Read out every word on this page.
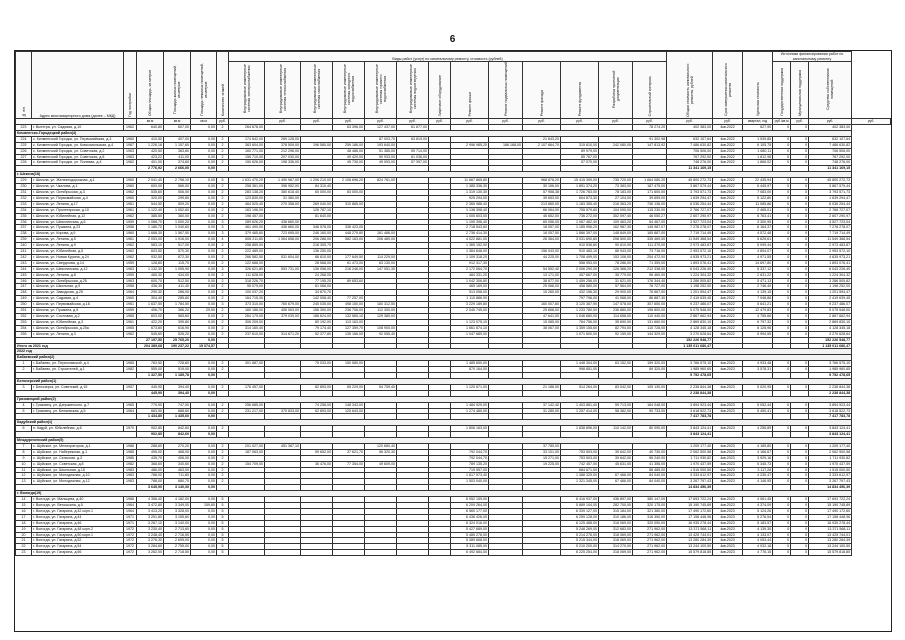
6
№ п/п	Адрес многоквартирного дома (далее – МКД)	Год постройки	Общая площадь, кв.метров	Площадь жилых помещений, кв.метров	Площадь нежилых помещений, кв.метров	Количество этажей	Виды работ (услуг) по капитальному ремонту, стоимость (рублей)													Общая стоимость капитального ремонта, рублей	Срок завершения капитального ремонта	Удельная стоимость	Источники финансирования работ по капитальному ремонту			
							Внутридомовые инженерные системы электроснабжения	Внутридомовые инженерные системы теплоснабжения	Внутридомовые инженерные системы газоснабжения	Внутридомовые инженерные системы холодного водоснабжения	Внутридомовые инженерные системы горячего водоснабжения	Внутридомовые инженерные системы водоотведения	Лифтовое оборудование	Ремонт крыши	Ремонт подвальных помещений	Ремонт фасада	Ремонт фундамента	Разработка проектной документации	Строительный контроль				Государственная поддержка	Муниципальная поддержка	Средства собственников помещений	
			кв.м	кв.м	кв.м	руб.		руб.	руб.	руб.	руб.	руб.	руб.	руб.	руб.	руб.	руб.	руб.	руб.	руб.	руб.	квартал, год	руб./кв.м	руб.	руб.	руб.
223	г. Вытегра, ул. Садовая, д.10	1962	640,80	607,00	0,00	2	264 678,00			63 396,00	127 437,00	61 677,00							78 274,20	402 383,00	4кв.2022	627,90	0	0	402 383,00	
Кичменгско-Городецкий район(4)																										
224	с. Кичменгский Городок, ул. Первомайская, д.3	1960	410,50	407,00	0,00	2	174 842,00	269 128,00			87 003,70	63 819,00				21 643,20			91 302,98	632 107,64	4кв.2022	1 539,85	0	0	632 107,64	
225	с. Кичменгский Городок, ул. Комсомольская, д.4	1967	1 226,16	1 157,60	0,00	2	363 604,00	378 509,00	196 580,00	259 186,00	193 640,00			2 996 985,20	186 168,00	2 107 864,70	315 810,00	242 080,00	147 813,92	7 486 630,82	4кв.2022	6 105,75	0	0	7 486 630,82	
226	с. Кичменгский Городок, ул. Советская, д.2	1963	420,50	383,80	0,00	2	160 771,00	212 296,00		48 486,00	51 385,00	59 714,00					89 979,00			706 506,00	4кв.2022	1 680,11	0	0	706 506,00	
227	с. Кичменгский Городок, ул. Советская, д.8	1963	423,22	411,00	0,00	2	156 710,00	207 030,00		49 429,00	50 933,00	61 036,00					85 767,00			767 292,00	4кв.2022	1 812,98	0	0	767 292,00	
228	с. Кичменгский Городок, ул. Полевая, д.4	1962	401,00	374,60	0,00	2	150 626,00	198 336,00		45 730,00	49 093,00	57 397,00					57 070,00			748 276,00	4кв.2022	1 866,02	0	0	748 276,00	
			2 776,92	2 666,00	0,00															11 341 169,15					11 341 169,15	
г. Шексна(18)																										
229	г. Шексна, ул. Железнодорожная, д.1	1960	2 041,40	2 798,10	0,00	5	1 631 470,20	1 490 967,00	1 206 210,00	2 106 696,20	824 761,00			11 667 865,80		968 878,20	15 415 399,00	735 720,00	1 664 080,20	45 800 272,73	4кв.2022	22 435,94	0	0	45 800 272,73	
230	г. Шексна, ул. Чкалова, д.1	1960	600,00	566,00	0,00	2	258 361,00	396 952,00	84 310,40					1 385 336,30		30 156,00	1 891 374,20	73 383,00	187 475,00	3 867 579,44	4кв.2022	6 445,97	0	0	3 867 579,44	
231	г. Шексна, ул. Октябрьская, д.3	1962	535,60	506,00	0,00	2	283 138,20	380 618,40	60 000,00	83 000,00				1 319 130,30		57 958,38	1 726 763,00	78 183,00	171 600,00	3 793 571,73	4кв.2022	7 083,00	0	0	3 793 571,73	
232	г. Шексна, ул. Первомайская, д.4	1960	320,00	299,80	0,00	2	123 839,00	31 360,00						925 294,00		39 653,00	604 873,30	27 104,00	39 659,00	1 639 294,47	4кв.2022	5 122,80	0	0	1 639 294,47	
233	г. Шексна, ул. Ленина, д.17	1961	544,50	509,20	0,00	2	464 525,40	270 358,00	269 040,00	310 865,00				2 365 988,40		213 660,00	1 183 355,40	216 363,20	736 136,00	6 036 254,44	4кв.2022	11 085,86	0	0	6 036 254,44	
234	г. Шексна, ул. Пролетарская, д.10	1961	1 122,40	1 052,60	0,00	2	163 196,00		126 787,10					1 138 398,40		66 064,00	755 579,60	104 090,00	115 230,00	2 766 727,07	4кв.2022	2 465,01	0	0	2 766 727,07	
235	г. Шексна, ул. Юбилейная, д.12	1962	385,50	360,00	0,00	2	198 457,00		81 640,00					1 005 603,00		46 652,00	736 272,00	302 097,40	46 050,27	2 607 290,97	4кв.2022	6 763,41	0	0	2 607 290,97	
236	г. Шексна, ул. Шекснинская, д.6	1959	1 068,70	1 000,20	0,00	3	289 626,20	436 660,00						1 190 396,40		65 056,00	1 067 462,40	109 463,20	64 467,00	3 527 723,04	4кв.2022	3 300,95	0	0	3 527 723,04	
237	г. Шексна, ул. Пушкина, д.23	1958	1 180,70	1 040,60	0,00	3	461 490,00	436 660,00	346 578,00	336 423,00				2 718 543,60		18 057,00	1 185 956,20	162 987,30	145 987,07	7 278 278,07	4кв.2022	6 164,37	0	0	7 278 278,07	
238	г. Шексна, ул. Кирова, д.9	1960	1 688,30	1 567,50	0,00	3	379 465,60	723 695,00	246 160,00	448 279,80	161 486,00			2 736 414,30		16 057,50	1 866 397,00	148 849,00	165 887,00	7 719 714,49	4кв.2022	4 572,48	0	0	7 719 714,49	
239	г. Шексна, ул. Ленина, д.5	1961	2 053,00	1 916,00	0,00	4	606 211,80	1 064 658,00	206 288,00	582 163,00	206 489,00			4 022 881,00		26 364,00	3 031 690,80	208 500,00	335 469,00	11 549 368,54	4кв.2022	5 625,61	0	0	11 549 368,54	
240	г. Шексна, ул. Ленина, д.9	1962	583,10	517,00	0,00	2	258 859,00		218 305,70					1 369 152,00			910 536,60	90 810,90	111 370,00	2 973 483,87	4кв.2022	5 099,44	0	0	2 973 483,87	
241	г. Шексна, ул. Юбилейная, д.5	1962	603,50	570,30	0,00	2	222 489,00		136 250,00					1 364 648,00		156 043,00	910 483,10	88 943,00	73 716,00	2 953 572,10	4кв.2022	4 894,07	0	0	2 953 572,10	
242	г. Шексна, ул. Новая Курина, д.24	1962	932,50	872,30	0,00	2	266 582,50	531 604,00	86 610,00	177 649,50	114 229,00			1 109 318,20		44 225,00	1 708 499,00	153 106,00	254 472,00	4 635 973,21	4кв.2022	4 971,55	0	0	4 635 973,21	
243	г. Шексна, ул. Свердлова, д.14	1959	128,80	115,70	0,00	2	122 688,00		28 568,00	61 473,00	63 130,00			912 317,30			558 953,00	78 286,00	71 359,00	1 893 076,41	4кв.2022	14 697,80	0	0	1 893 076,41	
244	г. Шексна, ул. Шекснинская, д.12	1963	1 132,30	1 055,90	0,00	3	326 621,80	553 731,00	136 058,00	218 246,00	147 051,30			2 172 064,70		54 552,40	2 006 290,00	126 368,20	212 338,00	6 043 226,40	4кв.2022	5 337,12	0	0	6 043 226,40	
245	г. Шексна, ул. Ленина, д.8	1959	465,30	434,00	0,00	2	111 628,00		24 268,00					484 331,20		13 171,00	457 667,00	35 779,00	96 460,00	1 224 304,32	4кв.2022	2 631,22	0	0	1 224 304,32	
246	г. Шексна, ул. Октябрьская, д.25	1963	600,70	512,50	0,00	2	318 226,70		77 195,20	89 653,60				1 042 306,80		38 677,00	1 459 256,00	31 621,00	176 344,40	3 286 505,82	4кв.2022	5 471,13	0	0	3 286 505,82	
247	г. Шексна, ул. Школьная, д.9	1958	436,30	411,40	0,00	2	55 079,00		61 068,00					465 169,00		25 066,00	458 580,00	57 564,00	76 727,00	1 198 252,00	4кв.2022	2 746,40	0	0	1 198 252,00	
248	г. Шексна, ул. Заводская, д.25	1964	290,30	286,00	0,00	2	100 037,20		34 670,70					513 058,00		15 260,00	432 156,30	29 900,00	76 667,00	1 201 594,47	4кв.2022	4 139,15	0	0	1 201 594,47	
249	г. Шексна, ул. Садовая, д.4	1960	304,40	285,60	0,00	2	164 715,30		142 008,40	77 257,00				1 110 886,90			797 796,00	41 068,00	86 887,30	2 419 639,45	4кв.2022	7 948,88	0	0	2 419 639,45	
250	г. Шексна, ул. Первомайская, д.18	1961	1 637,50	1 784,50	0,00	3	373 310,00	760 679,00	245 035,00	498 150,00	160 312,50			3 229 189,80		160 007,80	3 120 367,90	147 578,00	307 650,00	9 237 486,07	4кв.2022	5 641,21	0	0	9 237 486,07	
251	г. Шексна, ул. Пушкина, д.5	1959	406,70	386,20	29,50	2	160 186,00	406 063,00	156 390,00	236 706,00	112 300,00			2 040 745,00		25 668,00	1 233 780,00	236 880,00	196 800,00	5 075 548,00	4кв.2022	12 479,83	0	0	5 075 548,00	
252	г. Шексна, ул. Сосновая, д.2	1965	603,00	565,60	0,00	2	264 179,00	379 039,00	186 624,00	132 565,10	129 380,00					47 641,00	1 046 680,00	114 658,00	110 440,00	2 867 662,94	4кв.2022	4 755,66	0	0	2 867 662,94	
253	г. Шексна, ул. Юбилейная, д.3	1961	422,20	395,80	0,00	2	306 209,00		80 192,00	113 163,00				1 123 075,10		15 085,00	764 756,00	35 690,00	131 660,00	2 869 830,10	4кв.2022	6 797,32	0	0	2 869 830,10	
254	г. Шексна, ул. Октябрьская, д.25а	1965	673,80	616,90	0,00	2	314 160,40		79 174,40	127 359,70	108 900,00			1 661 874,10		38 067,00	1 359 155,60	82 794,00	110 728,00	4 128 345,18	4кв.2022	6 126,96	0	0	4 128 345,18	
255	г. Шексна, ул. Ленина, д.3	1962	545,60	526,20	0,00	2	237 610,00	314 671,20	52 377,80	135 166,00	92 055,40			1 047 689,00			1 071 600,00	92 159,00	144 329,00	3 270 628,64	4кв.2022	5 994,55	0	0	3 270 628,64	
			27 197,50	25 765,20	0,00															152 226 548,77					152 226 548,77	
Итого за 2021 год			204 389,68	190 237,22	15 074,57															1 135 011 686,47					1 135 011 686,47	
2022 год																										
Бабаевский район(2)																										
1	г. Бабаево, ул. Переславской, д.4	1965	763,50	728,80	0,00	2	301 887,00		75 033,00	150 580,00				1 485 650,00			1 448 304,00	63 152,00	159 320,00	3 766 575,10	4кв.2023	4 933,48	0	0	3 766 575,10	
2	г. Бабаево, ул. Строителей, д.1	1982	555,00	519,00	0,00	2								870 164,00			998 851,00		89 320,00	1 985 960,65	4кв.2023	3 578,31	0	0	1 985 960,65	
			1 327,50	1 185,78	0,00															5 752 478,65					5 752 478,65	
Белозерский район(1)																										
3	г. Белозерск, ул. Советский, д.15	1957	445,90	394,40	0,00	2	176 457,00		82 893,00	65 229,00	54 759,40			1 120 671,00		21 186,00	514 264,00	83 042,00	105 130,00	2 238 844,38	4кв.2023	5 020,95	0	0	2 238 844,38	
			445,90	394,40	0,00															2 238 844,38					2 238 844,38	
Грязовецкий район(2)																										
4	г. Грязовец, ул. Дзержинского, д.7	1965	770,90	747,00	0,00	2	256 685,00		74 258,00	148 343,00				1 484 929,00		37 142,40	1 403 881,40	59 713,00	184 048,00	3 894 923,44	4кв.2023	5 052,44	0	0	3 894 923,44	
5	г. Грязовец, ул. Беляевская, д.5	1964	663,90	688,60	0,00	2	231 217,00	370 833,00	62 893,00	125 643,00				1 274 480,00		31 280,00	1 257 414,00	58 382,00	90 733,00	3 618 522,73	4кв.2023	5 450,41	0	0	3 618 522,73	
			1 434,80	1 435,60	0,00															7 417 783,78					7 417 783,78	
Кадуйский район(1)																										
6	п. Кадуй, ул. Юбилейная, д.6	1970	902,80	842,60	0,00	2								1 806 163,00			1 838 896,00	110 142,00	80 090,00	3 843 124,41	4кв.2023	4 256,89	0	0	3 843 124,41	
			902,80	842,60	0,00															3 843 124,41					3 843 124,41	
Междуреченский район(5)																										
7	с. Шуйское, ул. Мелиораторов, д.1	1988	288,60	270,20	0,00	2	201 027,00	451 367,10			120 680,40					37 780,00				1 209 177,40	4кв.2023	4 189,80	0	0	1 209 177,40	
8	с. Шуйское, ул. Набережная, д.1	1985	495,00	468,00	0,00	2	187 063,00		59 652,00	37 621,70	56 320,30			792 044,70		33 101,00	753 503,00	39 642,00	40 730,00	2 062 500,58	4кв.2023	4 166,67	0	0	2 062 500,58	
9	с. Шуйское, ул. Сельская, д.3	1985	435,70	406,00	0,00	2								792 044,70		15 271,00	753 503,00	39 642,00	56 240,00	1 711 930,82	4кв.2023	3 929,16	0	0	1 711 930,82	
10	с. Шуйское, ул. Советская, д.8	1982	368,60	340,60	0,00	2	154 709,00		36 476,00	77 354,00	49 609,00			789 135,20		19 225,00	742 457,00	45 631,00	41 356,00	1 970 437,59	4кв.2023	5 345,73	0	0	1 970 437,59	
11	с. Шуйское, ул. Школьная, д.15	1983	486,00	463,00	0,00	2								719 957,00			684 671,00		86 485,00	1 515 000,50	4кв.2023	3 117,28	0	0	1 515 000,50	
12	с. Шуйское, ул. Молодежная, д.10	1983	788,00	711,80	0,00	2								1 617 973,40			1 388 325,00	67 466,00	84 040,00	3 333 612,97	4кв.2023	4 230,47	0	0	3 333 612,97	
13	с. Шуйское, ул. Молодежная, д.12	1983	788,00	680,70	0,00	2								1 503 040,00			1 321 345,00	67 466,00	84 040,00	3 267 797,43	4кв.2023	4 146,95	0	0	3 267 797,43	
			3 645,90	3 140,30	0,00															14 834 456,39					14 834 456,39	
г. Вологда(19)																										
14	г. Вологда, ул. Мальцева, д.40	1966	4 356,40	4 182,00	0,00	5								6 952 159,00			6 416 937,00	436 897,00	380 147,00	17 693 722,24	4кв.2023	4 061,45	0	0	17 693 722,24	
15	г. Вологда, ул. Ветошкина, д.5	1964	3 472,80	3 349,00	159,80	5								6 209 264,00			5 889 104,00	282 700,00	320 175,00	15 190 745,89	4кв.2023	4 374,09	0	0	15 190 745,89	
16	г. Вологда, ул. Гагарина, д.42 корп.1	1964	3 413,20	3 328,00	0,00	5								6 560 177,00			6 339 127,00	315 184,00	321 380,00	17 490 172,60	4кв.2023	5 124,26	0	0	17 490 172,60	
17	г. Вологда, ул. Гагарина, д.44	1971	3 251,80	3 155,60	0,00	5								6 436 426,00			6 259 128,00	310 186,00	316 350,00	17 158 448,96	4кв.2023	5 276,54	0	0	17 158 448,96	
18	г. Вологда, ул. Гагарина, д.46	1971	3 267,10	3 140,00	0,00	5								6 324 016,00			6 125 488,00	318 069,00	320 050,00	16 935 278,44	4кв.2023	5 183,57	0	0	16 935 278,44	
19	г. Вологда, ул. Гагарина, д.48 корп.2	1972	3 230,40	2 713,60	0,00	5								5 427 689,00			5 248 269,00	312 683,00	271 962,00	13 371 568,11	4кв.2023	4 139,30	0	0	13 371 568,11	
20	г. Вологда, ул. Гагарина, д.50 корп.1	1972	3 248,40	2 716,50	0,00	5								5 485 276,00			5 214 276,00	318 069,00	271 962,00	13 425 744,01	4кв.2023	4 133,07	0	0	13 425 744,01	
21	г. Вологда, ул. Гагарина, д.52	1972	3 276,30	2 695,00	0,00	5								5 389 668,00			5 215 344,00	318 069,00	271 962,00	13 280 284,39	4кв.2023	4 053,44	0	0	13 280 284,39	
22	г. Вологда, ул. Гагарина, д.54	1972	3 284,60	2 755,00	0,00	5								5 311 085,00			5 210 200,00	314 270,00	271 962,00	13 244 100,50	4кв.2023	4 032,18	0	0	13 244 100,50	
23	г. Вологда, ул. Гагарина, д.56	1972	3 262,00	2 718,50	0,00	5								6 492 684,00			6 225 254,00	318 069,00	271 962,00	15 579 818,85	4кв.2023	4 776,15	0	0	15 579 818,85	
